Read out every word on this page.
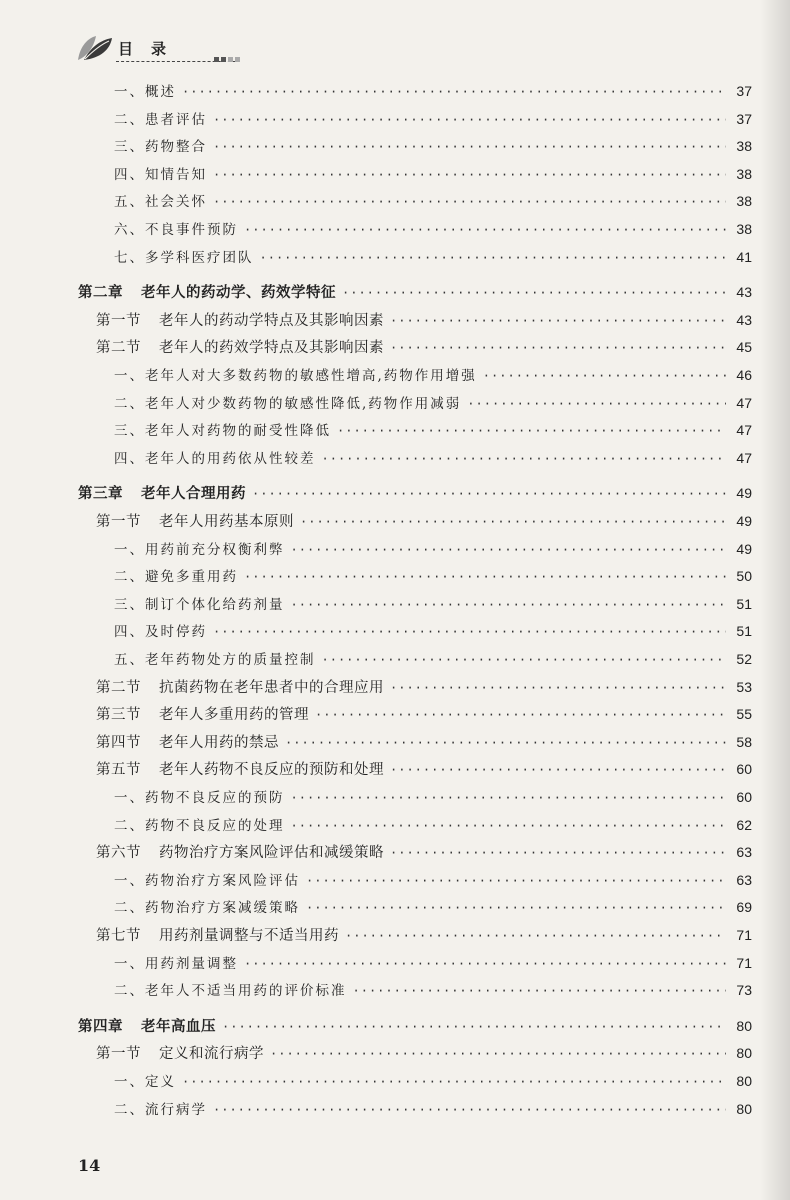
目录
一、概述 ·····	37
二、患者评估 ·····	37
三、药物整合 ·····	38
四、知情告知 ·····	38
五、社会关怀 ·····	38
六、不良事件预防 ·····	38
七、多学科医疗团队 ·····	41
第二章 老年人的药动学、药效学特征 ·····	43
第一节 老年人的药动学特点及其影响因素 ·····	43
第二节 老年人的药效学特点及其影响因素 ·····	45
一、老年人对大多数药物的敏感性增高,药物作用增强 ·····	46
二、老年人对少数药物的敏感性降低,药物作用减弱 ·····	47
三、老年人对药物的耐受性降低 ·····	47
四、老年人的用药依从性较差 ·····	47
第三章 老年人合理用药 ·····	49
第一节 老年人用药基本原则 ·····	49
一、用药前充分权衡利弊 ·····	49
二、避免多重用药 ·····	50
三、制订个体化给药剂量 ·····	51
四、及时停药 ·····	51
五、老年药物处方的质量控制 ·····	52
第二节 抗菌药物在老年患者中的合理应用 ·····	53
第三节 老年人多重用药的管理 ·····	55
第四节 老年人用药的禁忌 ·····	58
第五节 老年人药物不良反应的预防和处理 ·····	60
一、药物不良反应的预防 ·····	60
二、药物不良反应的处理 ·····	62
第六节 药物治疗方案风险评估和减缓策略 ·····	63
一、药物治疗方案风险评估 ·····	63
二、药物治疗方案减缓策略 ·····	69
第七节 用药剂量调整与不适当用药 ·····	71
一、用药剂量调整 ·····	71
二、老年人不适当用药的评价标准 ·····	73
第四章 老年高血压 ·····	80
第一节 定义和流行病学 ·····	80
一、定义 ·····	80
二、流行病学 ·····	80
14
